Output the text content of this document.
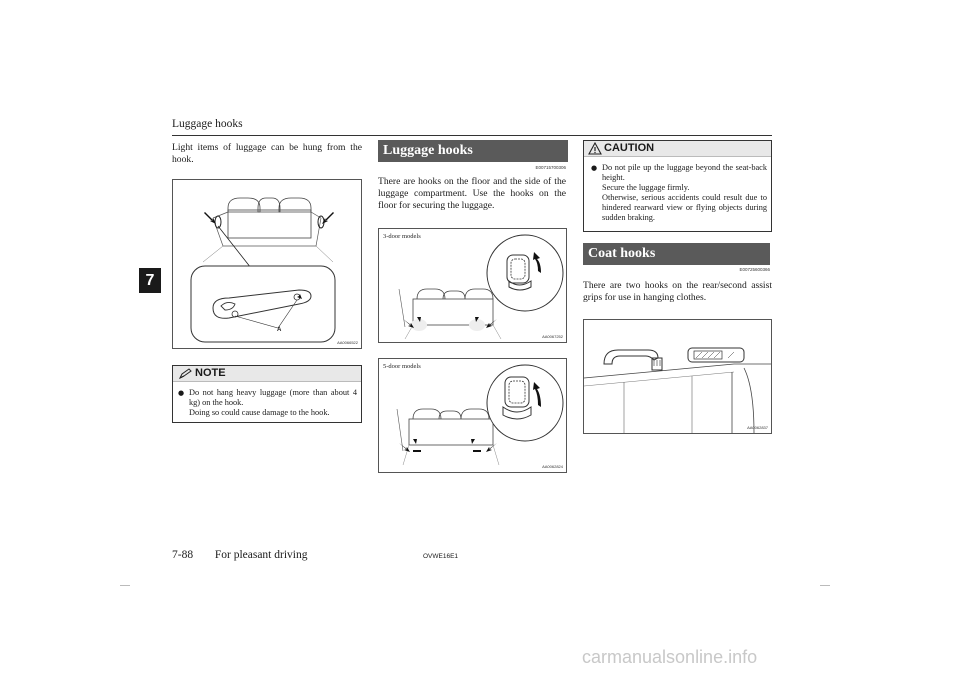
Luggage hooks
7
Light items of luggage can be hung from the hook.
A
AA0066522
NOTE
● Do not hang heavy luggage (more than about 4 kg) on the hook.
Doing so could cause damage to the hook.
Luggage hooks
E00715700306
There are hooks on the floor and the side of the luggage compartment. Use the hooks on the floor for securing the luggage.
3-door models
AA0067252
5-door models
AA0062824
CAUTION
● Do not pile up the luggage beyond the seat-back height.
Secure the luggage firmly.
Otherwise, serious accidents could result due to hindered rearward view or flying objects during sudden braking.
Coat hooks
E00725600366
There are two hooks on the rear/second assist grips for use in hanging clothes.
AA0062837
7-88 For pleasant driving	OVWE16E1
carmanualsonline.info
